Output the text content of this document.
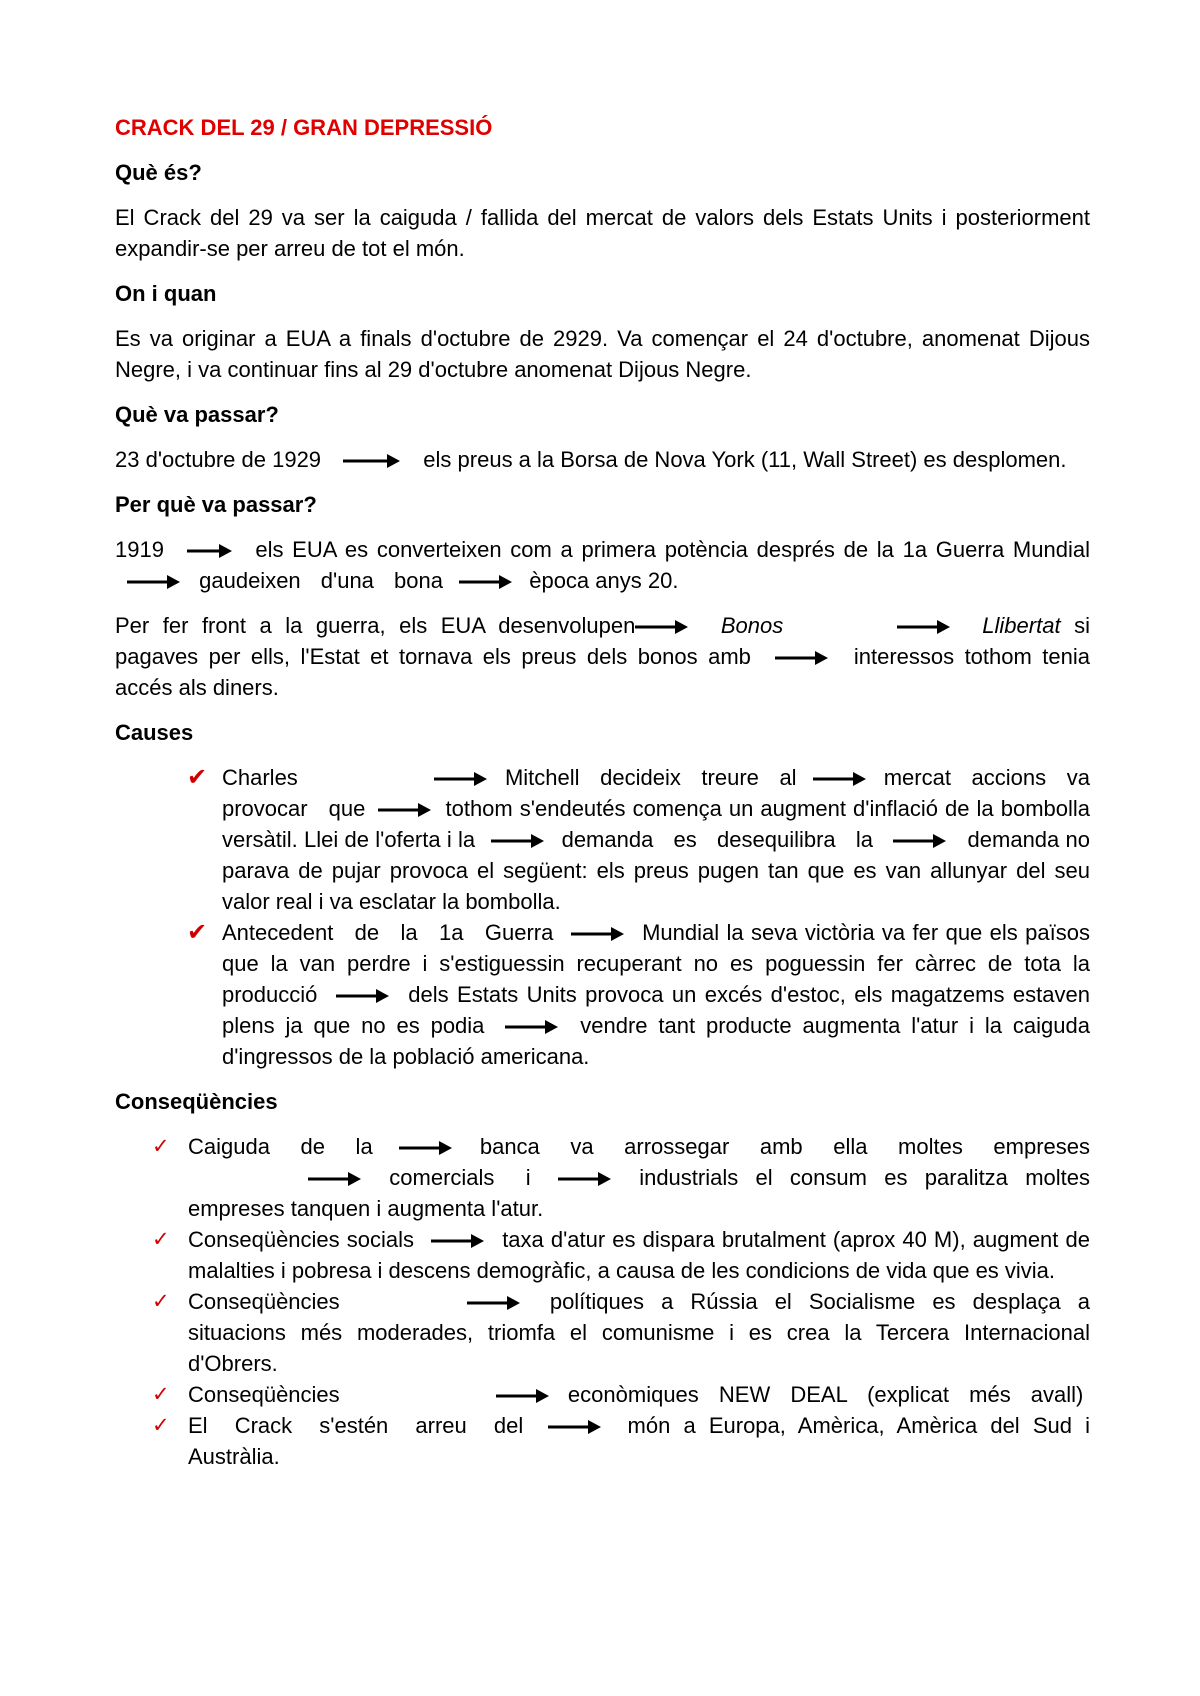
CRACK DEL 29 / GRAN DEPRESSIÓ
Què és?
El Crack del 29 va ser la caiguda / fallida del mercat de valors dels Estats Units i posteriorment expandir-se per arreu de tot el món.
On i quan
Es va originar a EUA a finals d'octubre de 2929. Va començar el 24 d'octubre, anomenat Dijous Negre, i va continuar fins al 29 d'octubre anomenat Dijous Negre.
Què va passar?
23 d'octubre de 1929	els preus a la Borsa de Nova York (11, Wall Street) es desplomen.
Per què va passar?
1919	els EUA es converteixen com a primera potència després de la 1a Guerra Mundial
gaudeixen d'una bona	època anys 20.
Per fer front a la guerra, els EUA desenvolupen	Bonos	Llibertat si pagaves per ells, l'Estat et tornava els preus dels bonos amb	interessos tothom tenia accés als diners.
Causes
✔ Charles	Mitchell decideix treure al	mercat accions va provocar que	tothom s'endeutés comença un augment d'inflació de la bombolla versàtil. Llei de l'oferta i la	demanda es desequilibra la	demanda no parava de pujar provoca el següent: els preus pugen tan que es van allunyar del seu valor real i va esclatar la bombolla.
✔ Antecedent de la 1a Guerra	Mundial la seva victòria va fer que els països que la van perdre i s'estiguessin recuperant no es poguessin fer càrrec de tota la producció	dels Estats Units provoca un excés d'estoc, els magatzems estaven plens ja que no es podia	vendre tant producte augmenta l'atur i la caiguda d'ingressos de la població americana.
Conseqüències
✓ Caiguda de la	banca va arrossegar amb ella moltes empreses
comercials i	industrials el consum es paralitza moltes empreses tanquen i augmenta l'atur.
✓ Conseqüències socials	taxa d'atur es dispara brutalment (aprox 40 M), augment de malalties i pobresa i descens demogràfic, a causa de les condicions de vida que es vivia.
✓ Conseqüències	polítiques a Rússia el Socialisme es desplaça a situacions més moderades, triomfa el comunisme i es crea la Tercera Internacional d'Obrers.
✓ Conseqüències	econòmiques NEW DEAL (explicat més avall)
✓ El Crack s'estén arreu del	món a Europa, Amèrica, Amèrica del Sud i Austràlia.
